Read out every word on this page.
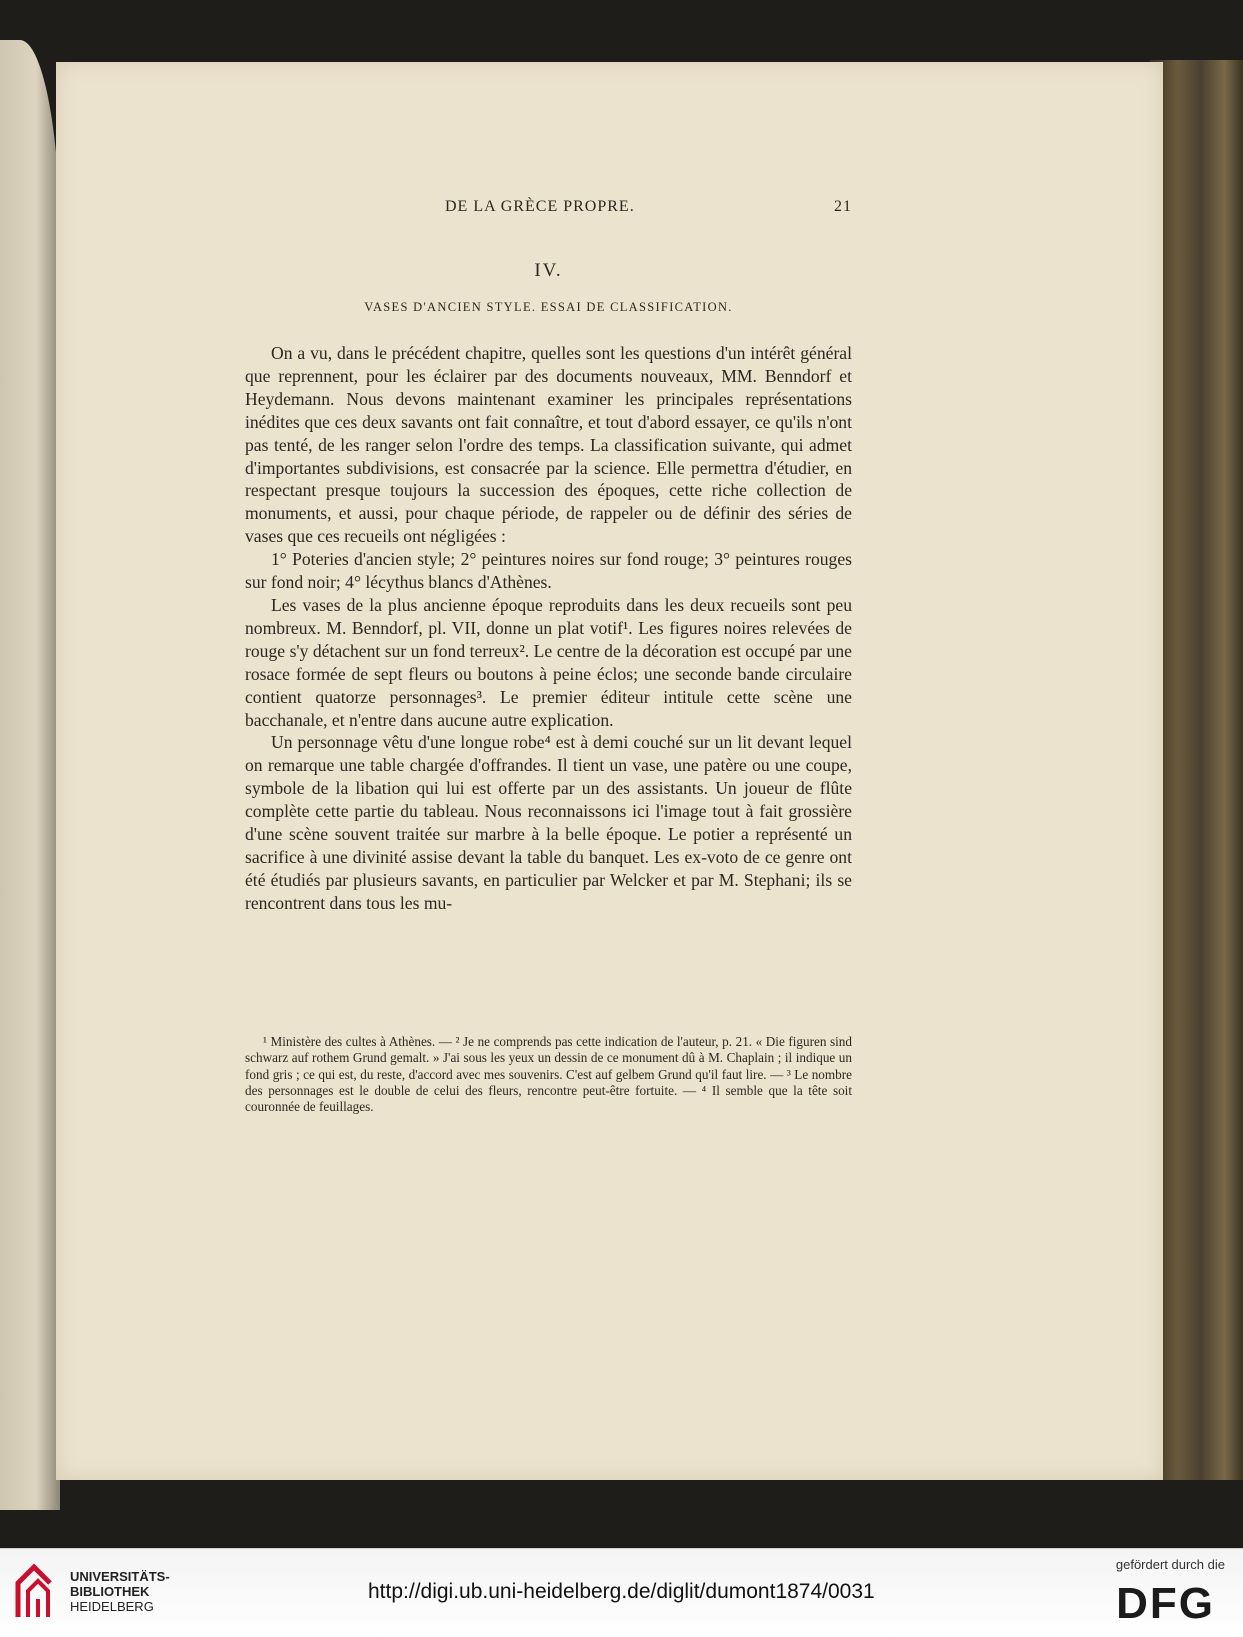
DE LA GRÈCE PROPRE.	21
IV.
VASES D'ANCIEN STYLE. ESSAI DE CLASSIFICATION.

On a vu, dans le précédent chapitre, quelles sont les questions d'un intérêt général que reprennent, pour les éclairer par des documents nouveaux, MM. Benndorf et Heydemann. Nous devons maintenant examiner les principales représentations inédites que ces deux savants ont fait connaître, et tout d'abord essayer, ce qu'ils n'ont pas tenté, de les ranger selon l'ordre des temps. La classification suivante, qui admet d'importantes subdivisions, est consacrée par la science. Elle permettra d'étudier, en respectant presque toujours la succession des époques, cette riche collection de monuments, et aussi, pour chaque période, de rappeler ou de définir des séries de vases que ces recueils ont négligées :

1° Poteries d'ancien style; 2° peintures noires sur fond rouge; 3° peintures rouges sur fond noir; 4° lécythus blancs d'Athènes.

Les vases de la plus ancienne époque reproduits dans les deux recueils sont peu nombreux. M. Benndorf, pl. VII, donne un plat votif¹. Les figures noires relevées de rouge s'y détachent sur un fond terreux². Le centre de la décoration est occupé par une rosace formée de sept fleurs ou boutons à peine éclos; une seconde bande circulaire contient quatorze personnages³. Le premier éditeur intitule cette scène une bacchanale, et n'entre dans aucune autre explication.

Un personnage vêtu d'une longue robe⁴ est à demi couché sur un lit devant lequel on remarque une table chargée d'offrandes. Il tient un vase, une patère ou une coupe, symbole de la libation qui lui est offerte par un des assistants. Un joueur de flûte complète cette partie du tableau. Nous reconnaissons ici l'image tout à fait grossière d'une scène souvent traitée sur marbre à la belle époque. Le potier a représenté un sacrifice à une divinité assise devant la table du banquet. Les ex-voto de ce genre ont été étudiés par plusieurs savants, en particulier par Welcker et par M. Stephani; ils se rencontrent dans tous les mu-

¹ Ministère des cultes à Athènes. — ² Je ne comprends pas cette indication de l'auteur, p. 21. « Die figuren sind schwarz auf rothem Grund gemalt. » J'ai sous les yeux un dessin de ce monument dû à M. Chaplain ; il indique un fond gris ; ce qui est, du reste, d'accord avec mes souvenirs. C'est auf gelbem Grund qu'il faut lire. — ³ Le nombre des personnages est le double de celui des fleurs, rencontre peut-être fortuite. — ⁴ Il semble que la tête soit couronnée de feuillages.

UNIVERSITÄTS-
BIBLIOTHEK
HEIDELBERG
http://digi.ub.uni-heidelberg.de/diglit/dumont1874/0031
gefördert durch die
DFG
